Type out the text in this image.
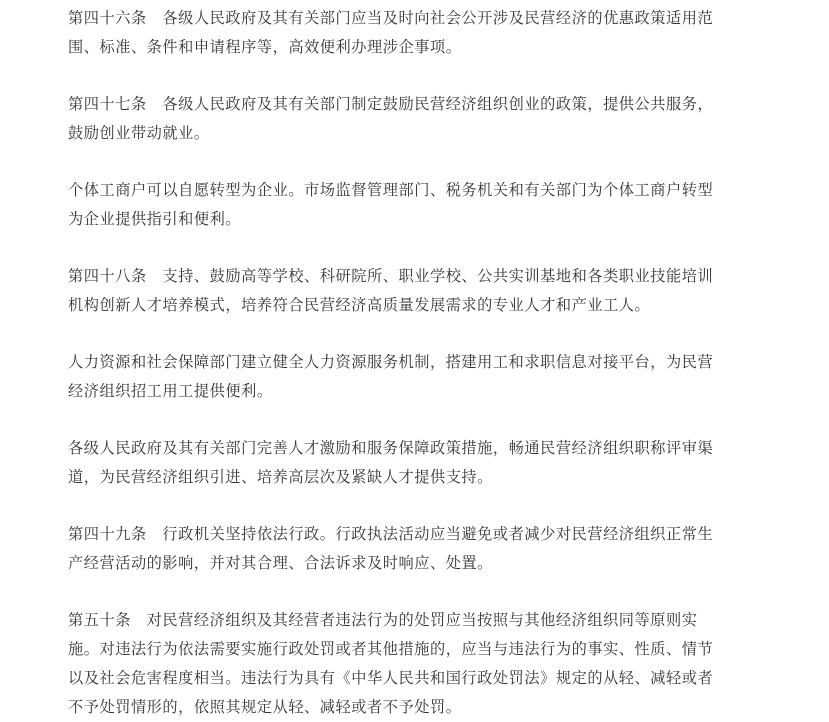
第四十六条　各级人民政府及其有关部门应当及时向社会公开涉及民营经济的优惠政策适用范
围、标准、条件和申请程序等，高效便利办理涉企事项。

第四十七条　各级人民政府及其有关部门制定鼓励民营经济组织创业的政策，提供公共服务，
鼓励创业带动就业。

个体工商户可以自愿转型为企业。市场监督管理部门、税务机关和有关部门为个体工商户转型
为企业提供指引和便利。

第四十八条　支持、鼓励高等学校、科研院所、职业学校、公共实训基地和各类职业技能培训
机构创新人才培养模式，培养符合民营经济高质量发展需求的专业人才和产业工人。

人力资源和社会保障部门建立健全人力资源服务机制，搭建用工和求职信息对接平台，为民营
经济组织招工用工提供便利。

各级人民政府及其有关部门完善人才激励和服务保障政策措施，畅通民营经济组织职称评审渠
道，为民营经济组织引进、培养高层次及紧缺人才提供支持。

第四十九条　行政机关坚持依法行政。行政执法活动应当避免或者减少对民营经济组织正常生
产经营活动的影响，并对其合理、合法诉求及时响应、处置。

第五十条　对民营经济组织及其经营者违法行为的处罚应当按照与其他经济组织同等原则实
施。对违法行为依法需要实施行政处罚或者其他措施的，应当与违法行为的事实、性质、情节
以及社会危害程度相当。违法行为具有《中华人民共和国行政处罚法》规定的从轻、减轻或者
不予处罚情形的，依照其规定从轻、减轻或者不予处罚。
